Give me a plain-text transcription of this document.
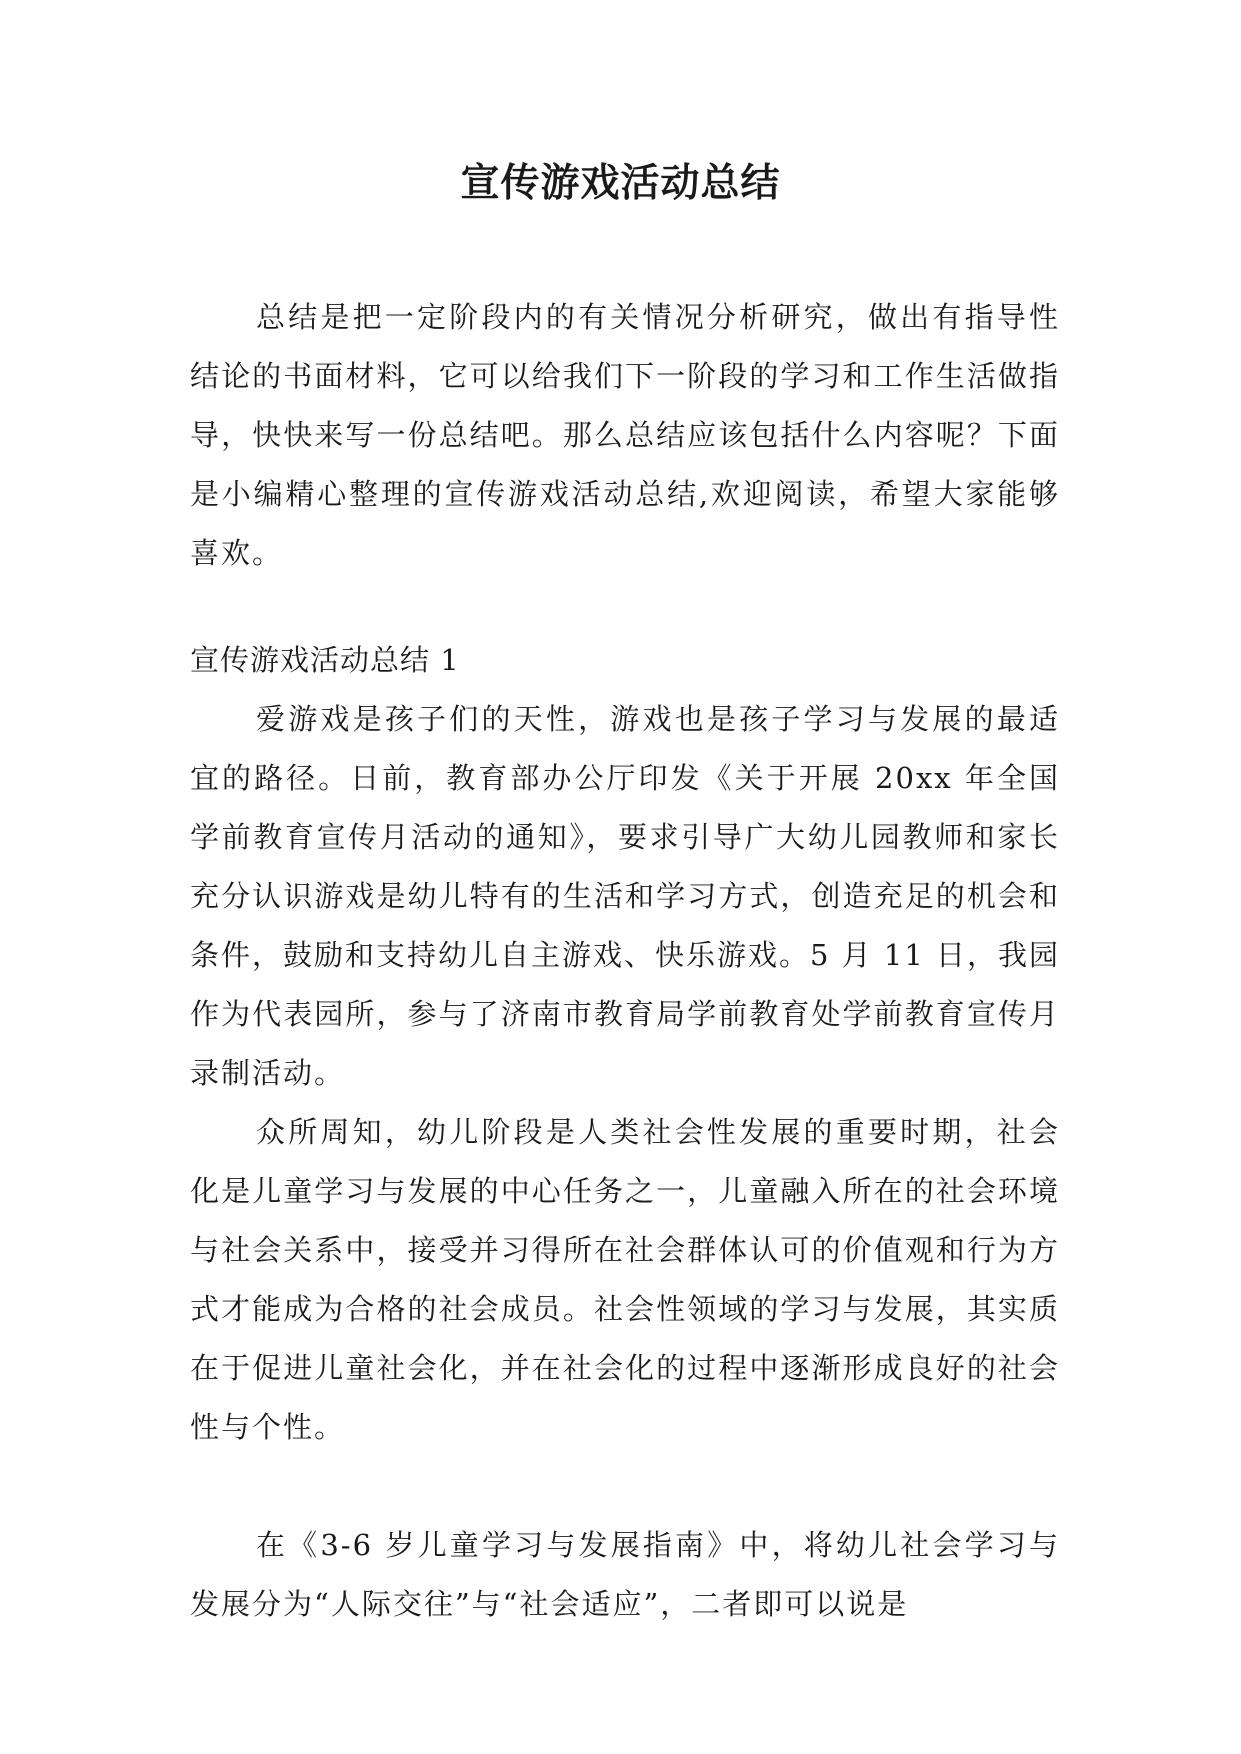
宣传游戏活动总结

总结是把一定阶段内的有关情况分析研究，做出有指导性结论的书面材料，它可以给我们下一阶段的学习和工作生活做指导，快快来写一份总结吧。那么总结应该包括什么内容呢？下面是小编精心整理的宣传游戏活动总结,欢迎阅读，希望大家能够喜欢。

宣传游戏活动总结 1

爱游戏是孩子们的天性，游戏也是孩子学习与发展的最适宜的路径。日前，教育部办公厅印发《关于开展 20xx 年全国学前教育宣传月活动的通知》，要求引导广大幼儿园教师和家长充分认识游戏是幼儿特有的生活和学习方式，创造充足的机会和条件，鼓励和支持幼儿自主游戏、快乐游戏。5 月 11 日，我园作为代表园所，参与了济南市教育局学前教育处学前教育宣传月录制活动。

众所周知，幼儿阶段是人类社会性发展的重要时期，社会化是儿童学习与发展的中心任务之一，儿童融入所在的社会环境与社会关系中，接受并习得所在社会群体认可的价值观和行为方式才能成为合格的社会成员。社会性领域的学习与发展，其实质在于促进儿童社会化，并在社会化的过程中逐渐形成良好的社会性与个性。

在《3-6 岁儿童学习与发展指南》中，将幼儿社会学习与发展分为“人际交往”与“社会适应”，二者即可以说是
